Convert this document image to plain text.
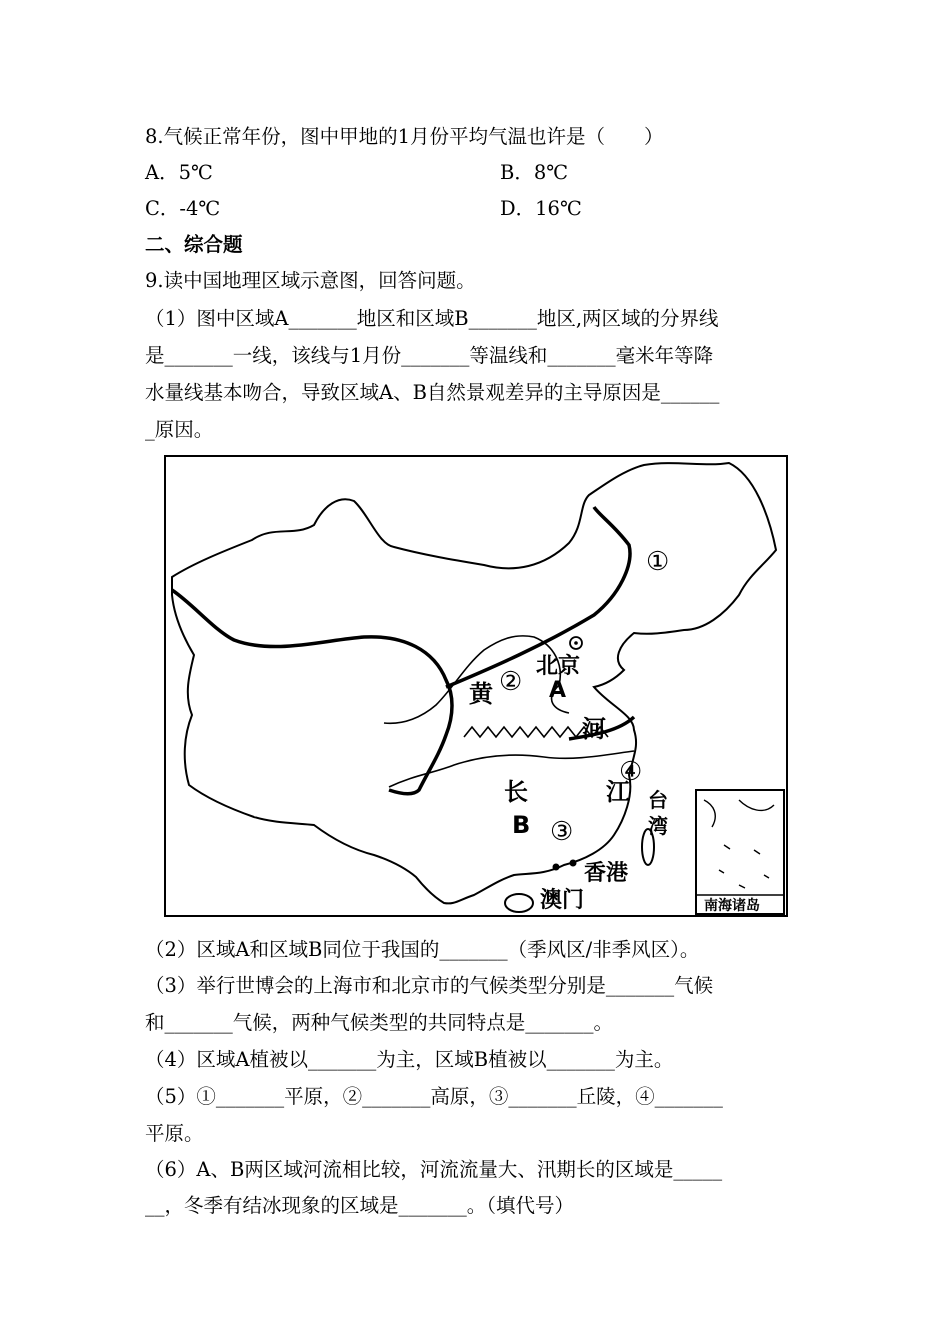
8.气候正常年份，图中甲地的1月份平均气温也许是（　　）
A．5℃	B．8℃
C．-4℃	D．16℃
二、综合题
9.读中国地理区域示意图，回答问题。
（1）图中区域A_______地区和区域B_______地区,两区域的分界线
是_______一线，该线与1月份_______等温线和_______毫米年等降
水量线基本吻合，导致区域A、B自然景观差异的主导原因是______
_原因。
北京
A
黄
河
长	江
B
台
湾
香港
澳门	南海诸岛
①
②
③
④
（2）区域A和区域B同位于我国的_______（季风区/非季风区）。
（3）举行世博会的上海市和北京市的气候类型分别是_______气候
和_______气候，两种气候类型的共同特点是_______。
（4）区域A植被以_______为主，区域B植被以_______为主。
（5）①_______平原，②_______高原，③_______丘陵，④_______
平原。
（6）A、B两区域河流相比较，河流流量大、汛期长的区域是_____
__，冬季有结冰现象的区域是_______。（填代号）
